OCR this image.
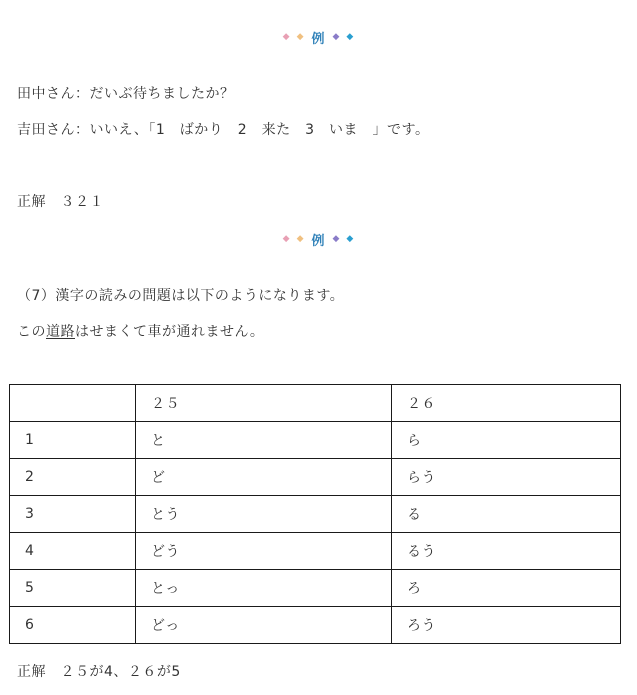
◆ ◆ 例 ◆ ◆
田中さん：だいぶ待ちましたか？
吉田さん：いいえ、「1　ばかり　2　来た　3　いま　」です。
正解　３２１
◆ ◆ 例 ◆ ◆
（7）漢字の読みの問題は以下のようになります。
この道路はせまくて車が通れません。
	２５	２６
1	と	ら
2	ど	らう
3	とう	る
4	どう	るう
5	とっ	ろ
6	どっ	ろう
正解　２５が4、２６が5
